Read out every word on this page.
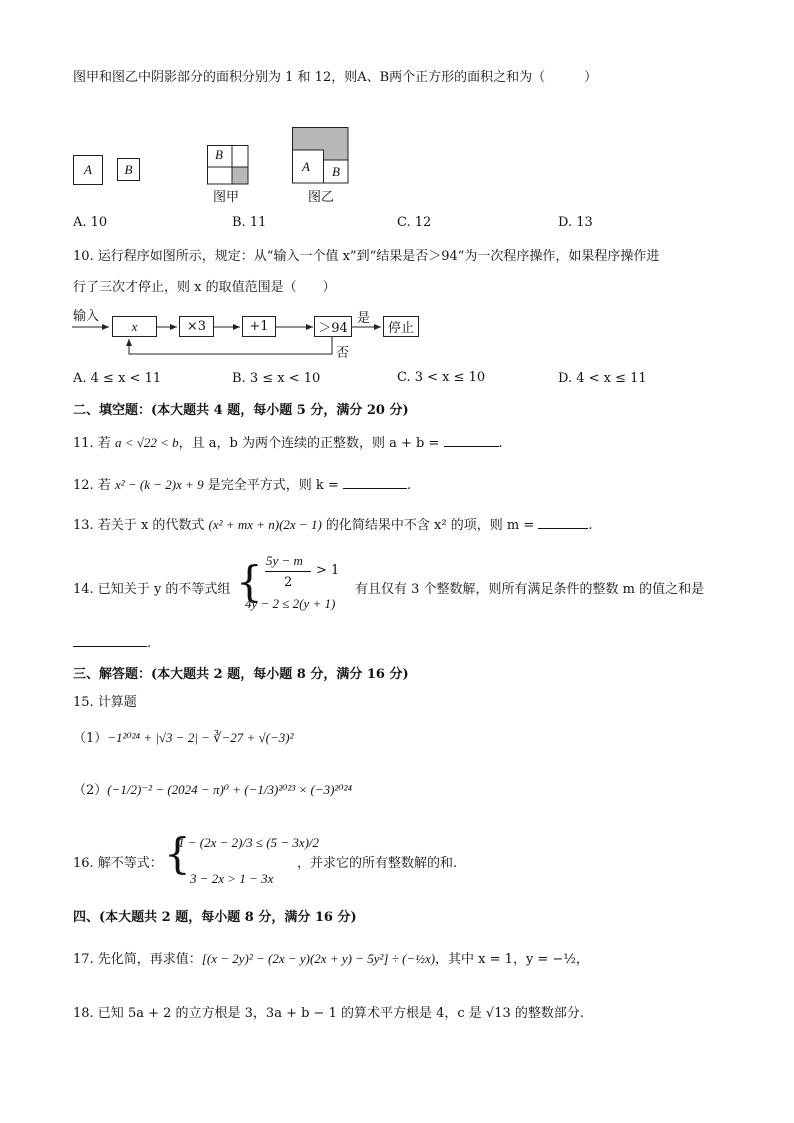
图甲和图乙中阴影部分的面积分别为 1 和 12，则A、B两个正方形的面积之和为（　　　）
A	B
B
图甲
A B
图乙
A. 10	B. 11	C. 12	D. 13
10. 运行程序如图所示，规定：从“输入一个值 x”到“结果是否＞94”为一次程序操作，如果程序操作进
行了三次才停止，则 x 的取值范围是（　　）
输入
x	×3	+1	＞94	停止
是
否
A. 4 ≤ x < 11	B. 3 ≤ x < 10	C. 3 < x ≤ 10	D. 4 < x ≤ 11
二、填空题：(本大题共 4 题，每小题 5 分，满分 20 分)
11. 若 a < √22 < b，且 a，b 为两个连续的正整数，则 a + b =	.
12. 若 x² − (k − 2)x + 9 是完全平方式，则 k =	.
13. 若关于 x 的代数式 (x² + mx + n)(2x − 1) 的化简结果中不含 x² 的项，则 m =	.
14. 已知关于 y 的不等式组 { 5y − m
2
> 1
4y − 2 ≤ 2(y + 1)
有且仅有 3 个整数解，则所有满足条件的整数 m 的值之和是
.
三、解答题：(本大题共 2 题，每小题 8 分，满分 16 分)
15. 计算题
（1）−1²⁰²⁴ + |√3 − 2| − ∛−27 + √(−3)²
（2）(−1/2)⁻² − (2024 − π)⁰ + (−1/3)²⁰²³ × (−3)²⁰²⁴
16. 解不等式： {
1 − (2x − 2)/3 ≤ (5 − 3x)/2
3 − 2x > 1 − 3x
，并求它的所有整数解的和.
四、(本大题共 2 题，每小题 8 分，满分 16 分)
17. 先化简，再求值：[(x − 2y)² − (2x − y)(2x + y) − 5y²] ÷ (−½x)，其中 x = 1，y = −½，
18. 已知 5a + 2 的立方根是 3，3a + b − 1 的算术平方根是 4，c 是 √13 的整数部分.
